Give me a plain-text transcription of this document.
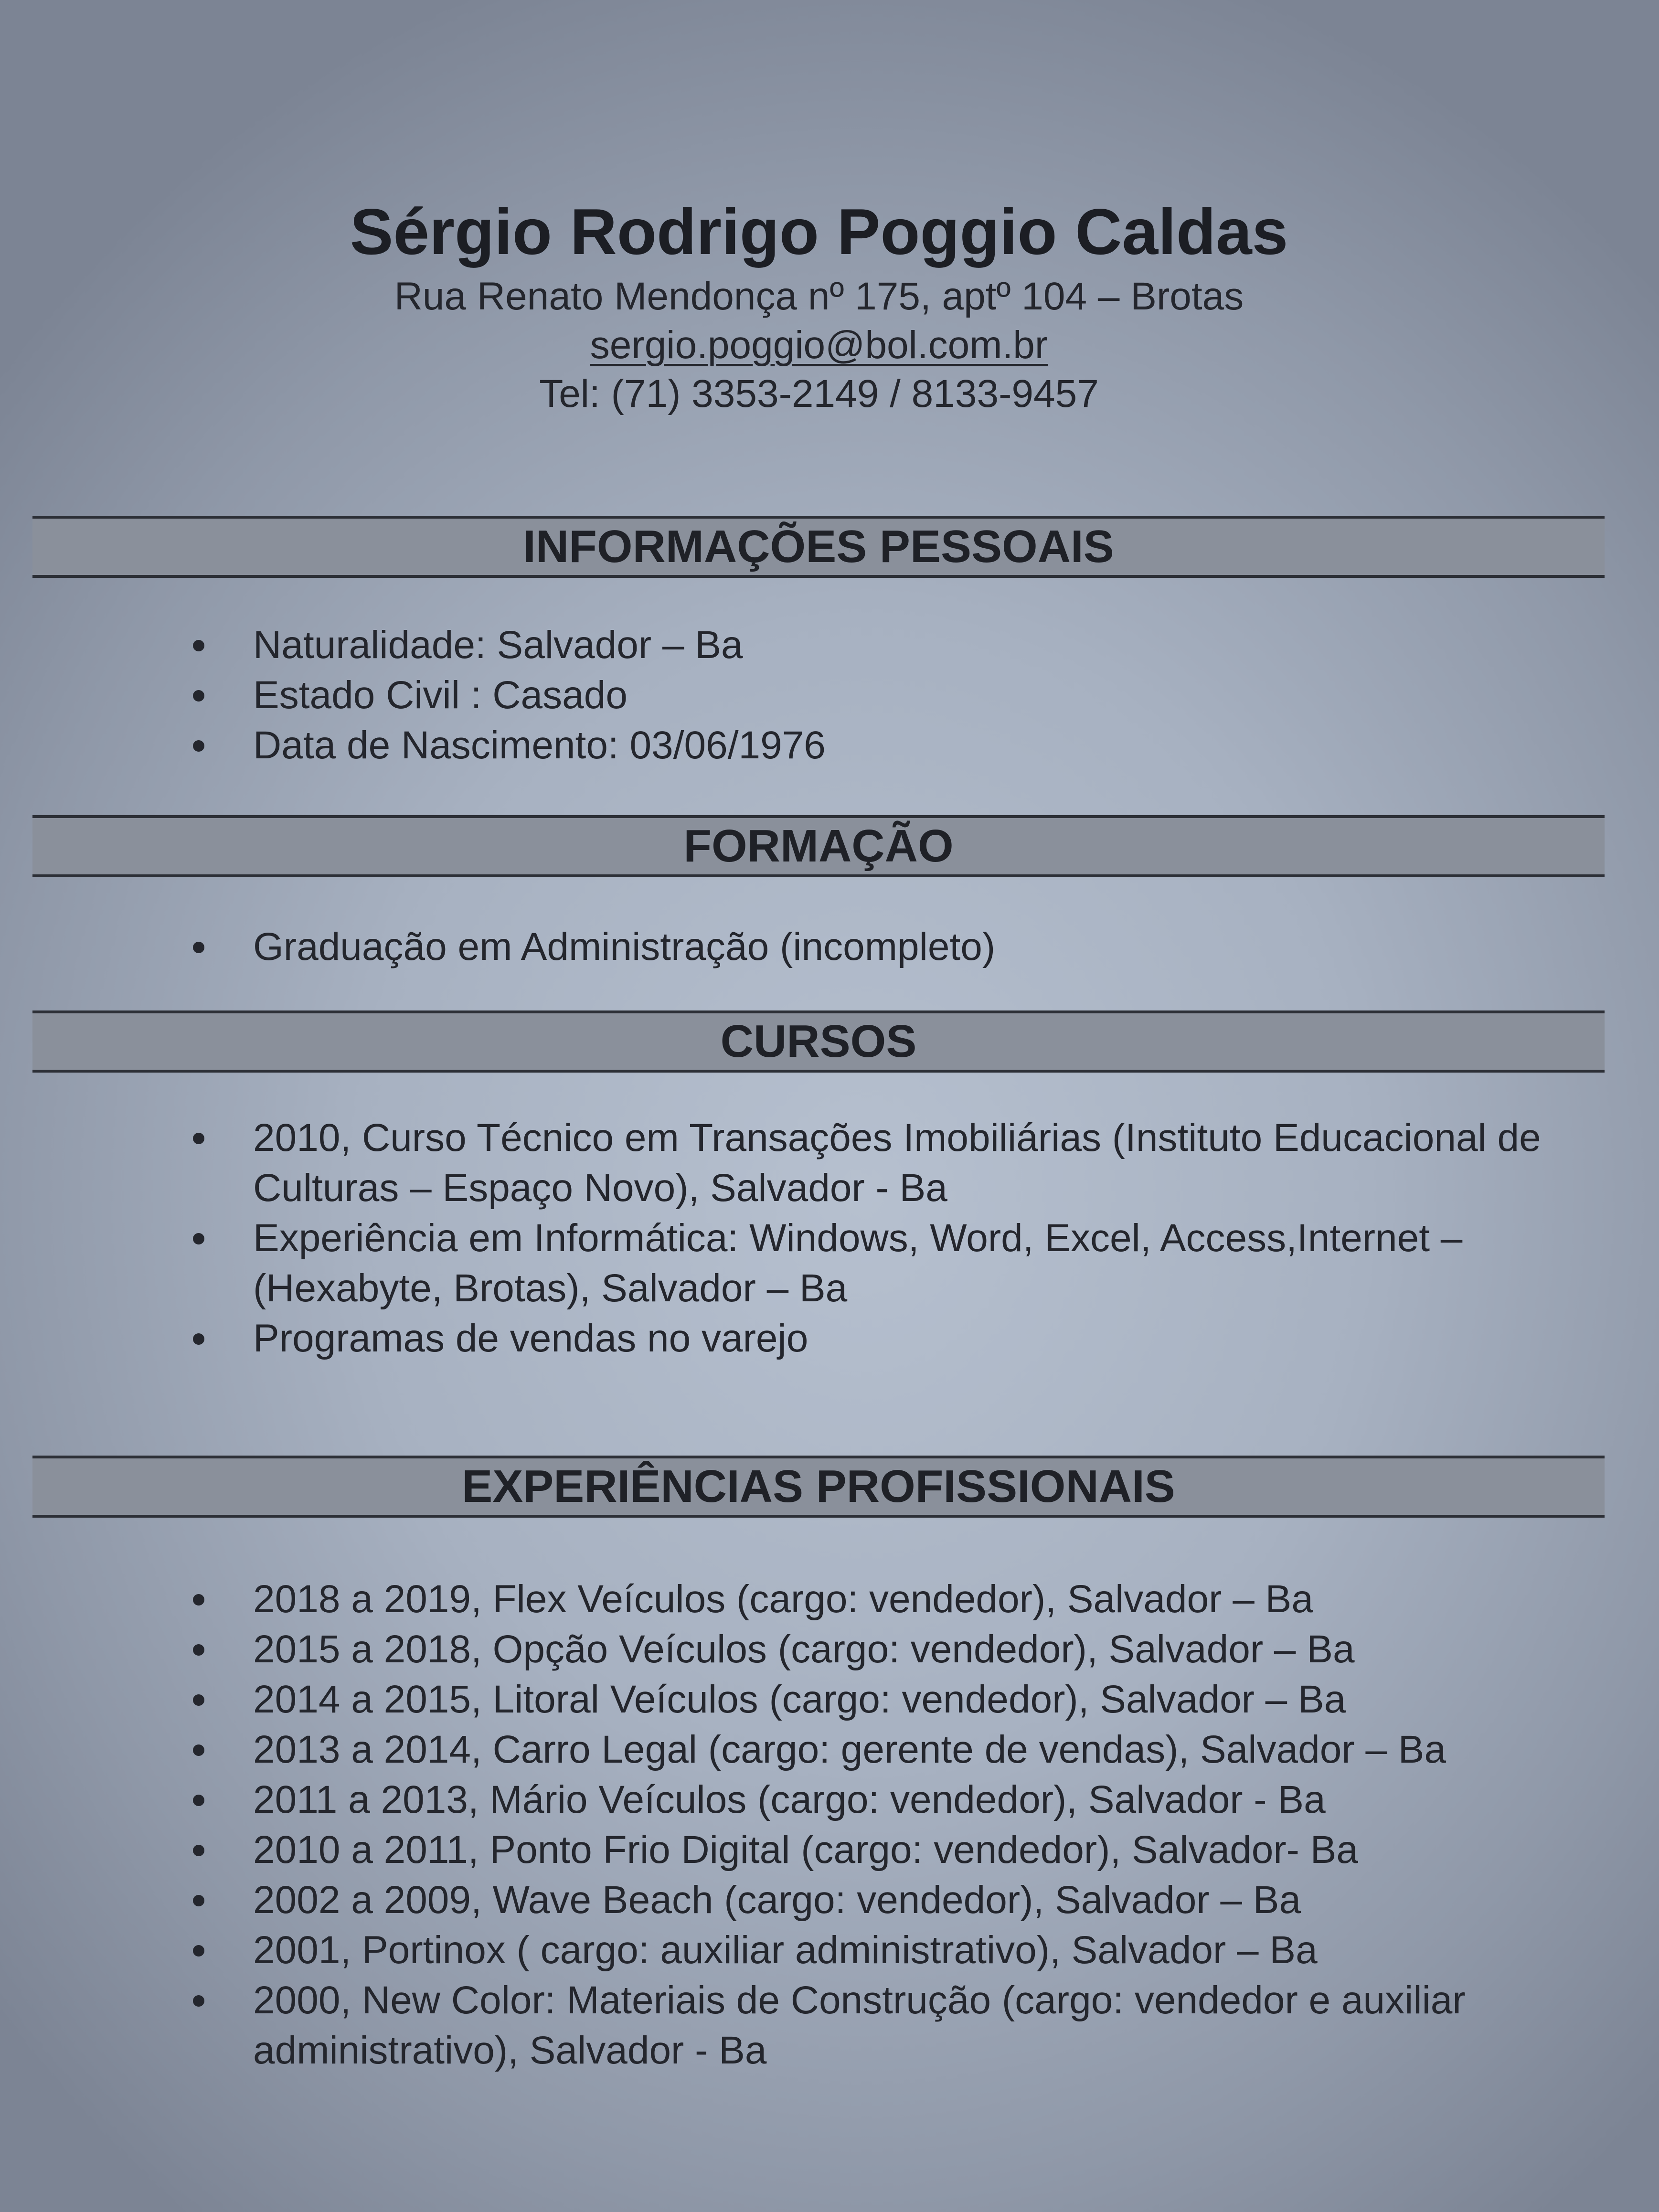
Sérgio Rodrigo Poggio Caldas
Rua Renato Mendonça nº 175, aptº 104 – Brotas
sergio.poggio@bol.com.br
Tel: (71) 3353-2149 / 8133-9457
INFORMAÇÕES PESSOAIS
Naturalidade: Salvador – Ba
Estado Civil : Casado
Data de Nascimento: 03/06/1976
FORMAÇÃO
Graduação em Administração (incompleto)
CURSOS
2010, Curso Técnico em Transações Imobiliárias (Instituto Educacional de Culturas – Espaço Novo), Salvador - Ba
Experiência em Informática: Windows, Word, Excel, Access,Internet – (Hexabyte, Brotas), Salvador – Ba
Programas de vendas no varejo
EXPERIÊNCIAS PROFISSIONAIS
2018 a 2019, Flex Veículos (cargo: vendedor), Salvador – Ba
2015 a 2018, Opção Veículos (cargo: vendedor), Salvador – Ba
2014 a 2015, Litoral Veículos (cargo: vendedor), Salvador – Ba
2013 a 2014, Carro Legal (cargo: gerente de vendas), Salvador – Ba
2011 a 2013, Mário Veículos (cargo: vendedor), Salvador - Ba
2010 a 2011, Ponto Frio Digital (cargo: vendedor), Salvador- Ba
2002 a 2009, Wave Beach (cargo: vendedor), Salvador – Ba
2001, Portinox ( cargo: auxiliar administrativo), Salvador – Ba
2000, New Color: Materiais de Construção (cargo: vendedor e auxiliar administrativo), Salvador - Ba
